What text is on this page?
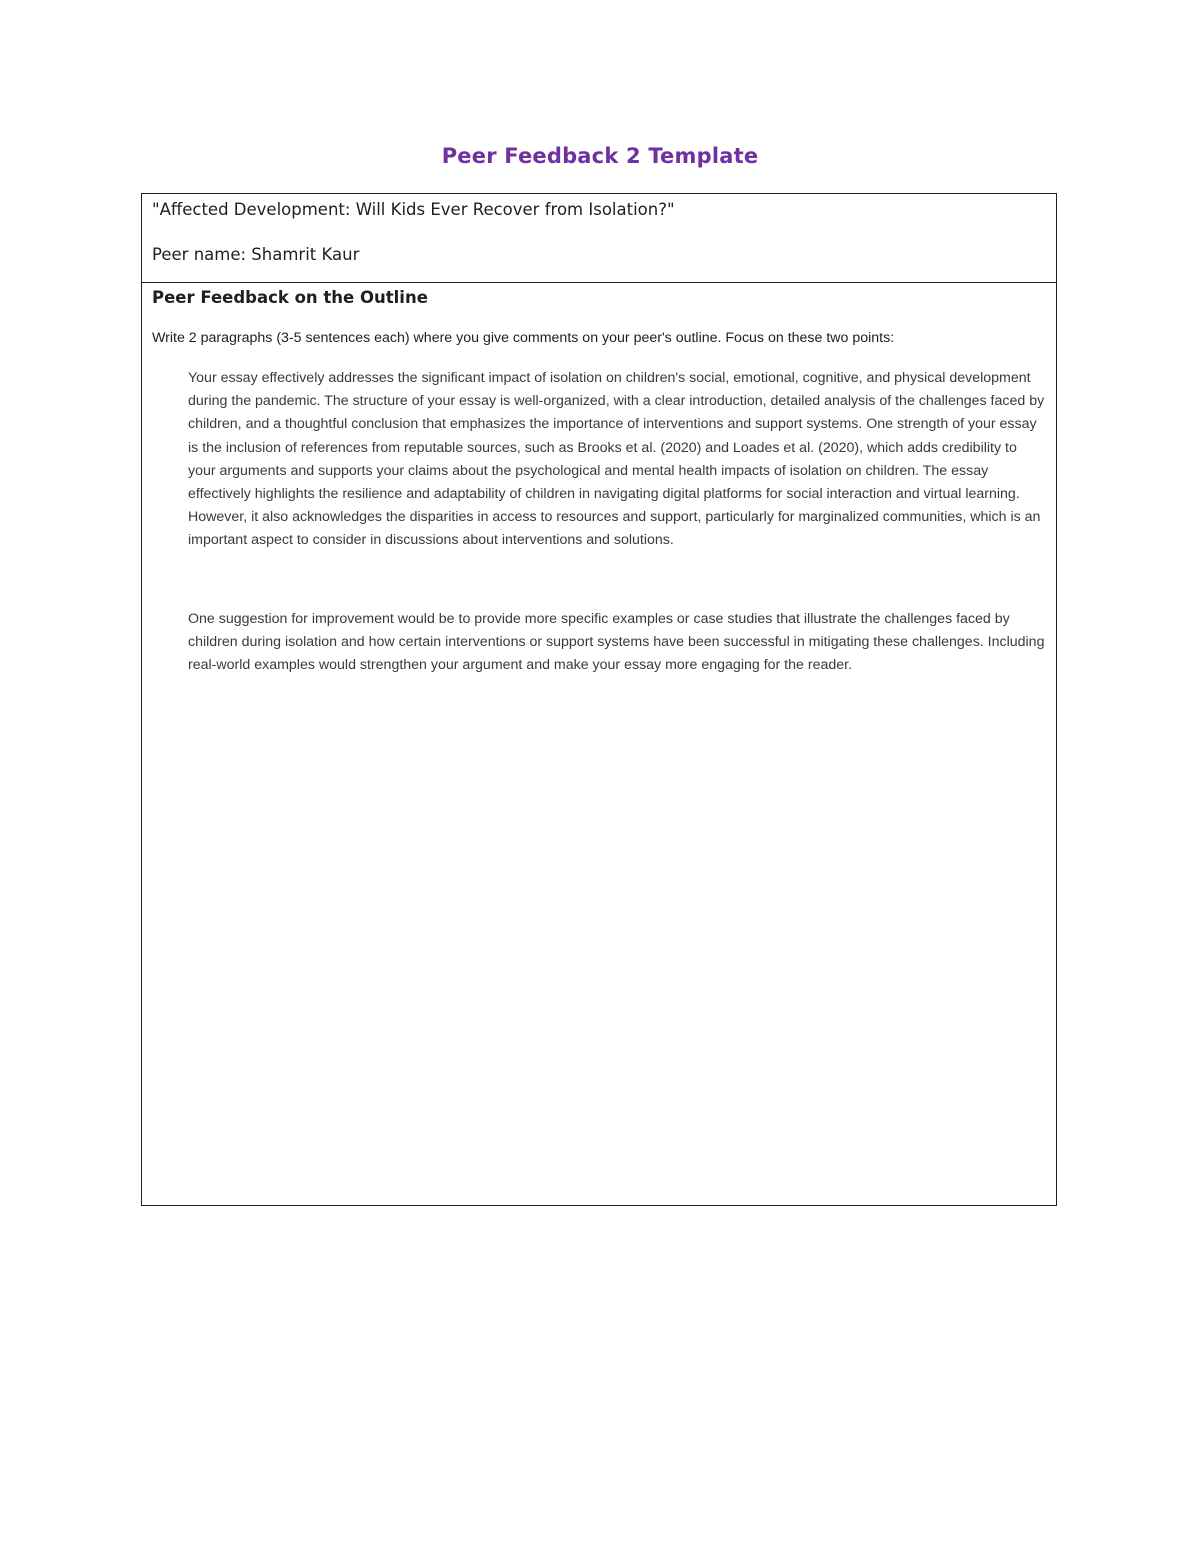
Peer Feedback 2 Template
"Affected Development: Will Kids Ever Recover from Isolation?"
Peer name: Shamrit Kaur
Peer Feedback on the Outline
Write 2 paragraphs (3-5 sentences each) where you give comments on your peer's outline. Focus on these two points:

Your essay effectively addresses the significant impact of isolation on children's social, emotional, cognitive, and physical development during the pandemic. The structure of your essay is well-organized, with a clear introduction, detailed analysis of the challenges faced by children, and a thoughtful conclusion that emphasizes the importance of interventions and support systems. One strength of your essay is the inclusion of references from reputable sources, such as Brooks et al. (2020) and Loades et al. (2020), which adds credibility to your arguments and supports your claims about the psychological and mental health impacts of isolation on children. The essay effectively highlights the resilience and adaptability of children in navigating digital platforms for social interaction and virtual learning. However, it also acknowledges the disparities in access to resources and support, particularly for marginalized communities, which is an important aspect to consider in discussions about interventions and solutions.

One suggestion for improvement would be to provide more specific examples or case studies that illustrate the challenges faced by children during isolation and how certain interventions or support systems have been successful in mitigating these challenges. Including real-world examples would strengthen your argument and make your essay more engaging for the reader.
